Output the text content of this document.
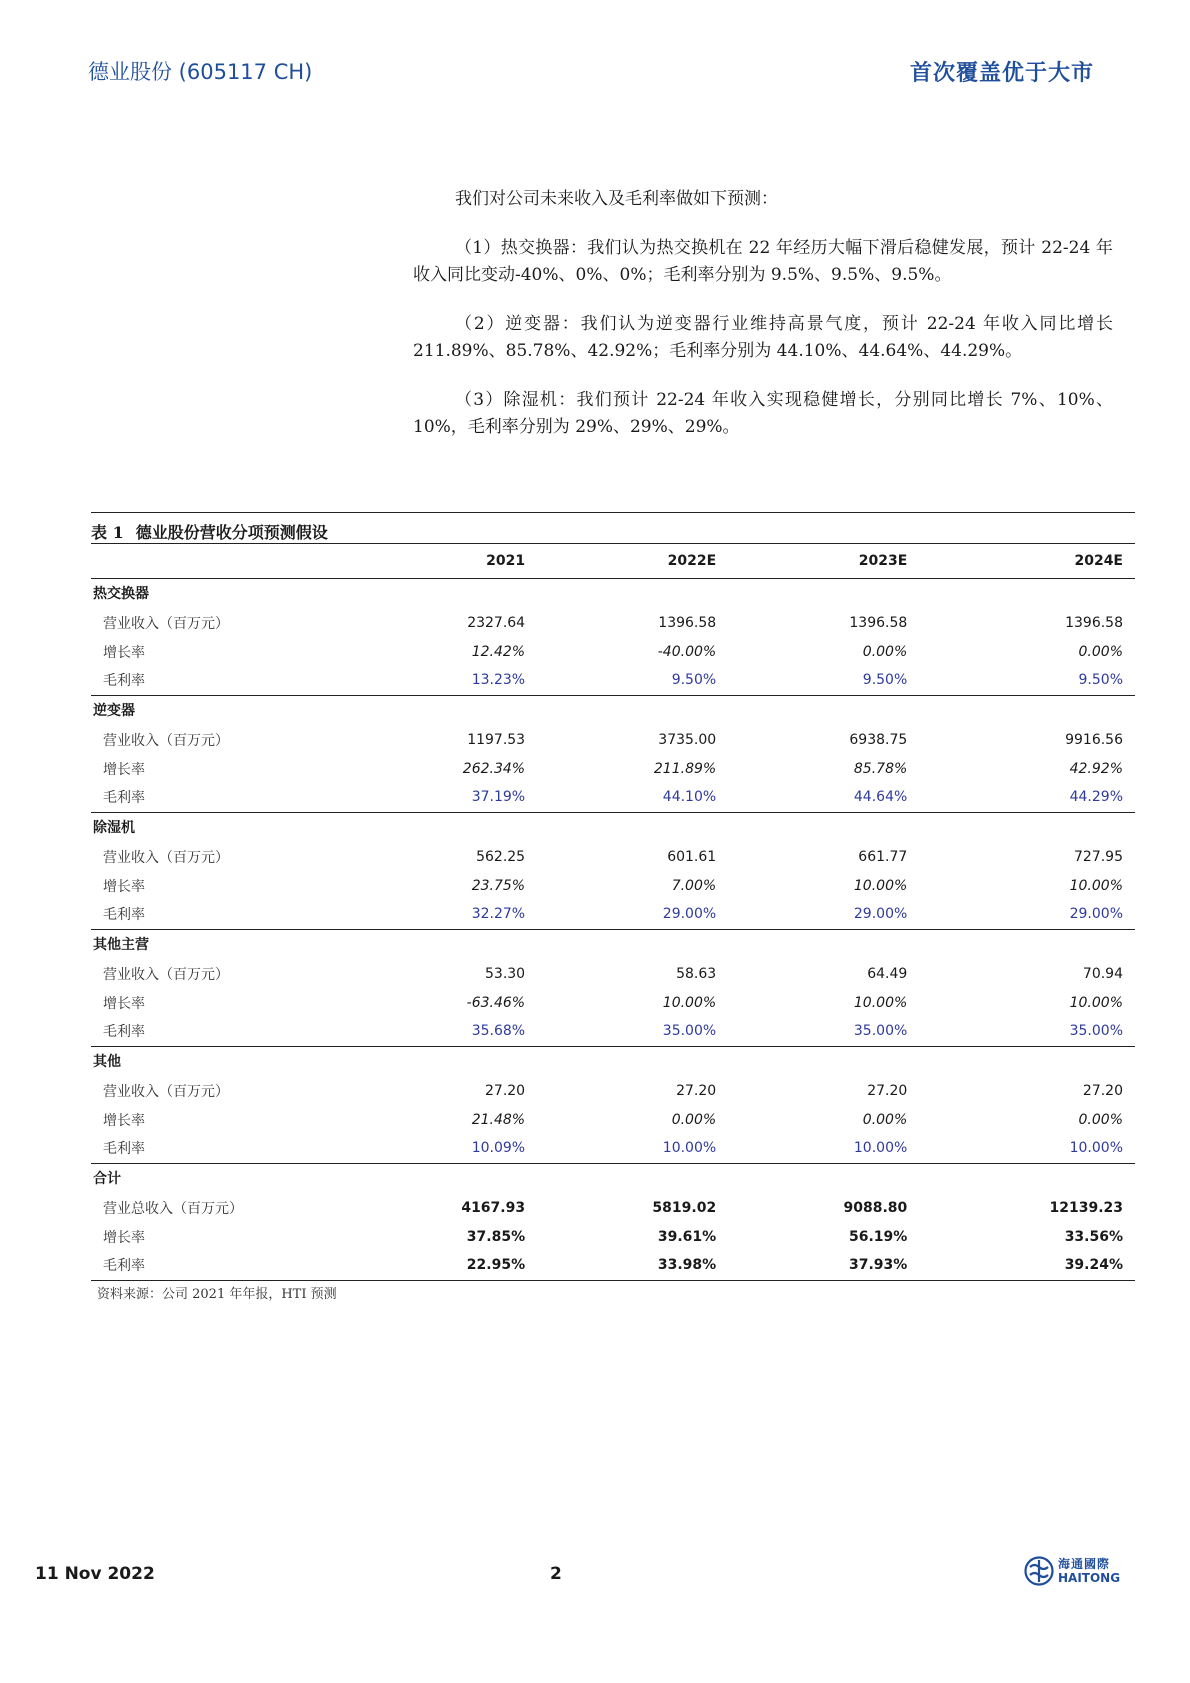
德业股份 (605117 CH)	首次覆盖优于大市

我们对公司未来收入及毛利率做如下预测：

（1）热交换器：我们认为热交换机在 22 年经历大幅下滑后稳健发展，预计 22-24 年收入同比变动-40%、0%、0%；毛利率分别为 9.5%、9.5%、9.5%。

（2）逆变器：我们认为逆变器行业维持高景气度，预计 22-24 年收入同比增长 211.89%、85.78%、42.92%；毛利率分别为 44.10%、44.64%、44.29%。

（3）除湿机：我们预计 22-24 年收入实现稳健增长，分别同比增长 7%、10%、10%，毛利率分别为 29%、29%、29%。

表 1 德业股份营收分项预测假设
	2021	2022E	2023E	2024E
热交换器				
营业收入（百万元）	2327.64	1396.58	1396.58	1396.58
增长率	12.42%	-40.00%	0.00%	0.00%
毛利率	13.23%	9.50%	9.50%	9.50%
逆变器				
营业收入（百万元）	1197.53	3735.00	6938.75	9916.56
增长率	262.34%	211.89%	85.78%	42.92%
毛利率	37.19%	44.10%	44.64%	44.29%
除湿机				
营业收入（百万元）	562.25	601.61	661.77	727.95
增长率	23.75%	7.00%	10.00%	10.00%
毛利率	32.27%	29.00%	29.00%	29.00%
其他主营				
营业收入（百万元）	53.30	58.63	64.49	70.94
增长率	-63.46%	10.00%	10.00%	10.00%
毛利率	35.68%	35.00%	35.00%	35.00%
其他				
营业收入（百万元）	27.20	27.20	27.20	27.20
增长率	21.48%	0.00%	0.00%	0.00%
毛利率	10.09%	10.00%	10.00%	10.00%
合计				
营业总收入（百万元）	4167.93	5819.02	9088.80	12139.23
增长率	37.85%	39.61%	56.19%	33.56%
毛利率	22.95%	33.98%	37.93%	39.24%
资料来源：公司 2021 年年报，HTI 预测
11 Nov 2022	2	海通國際
HAITONG
